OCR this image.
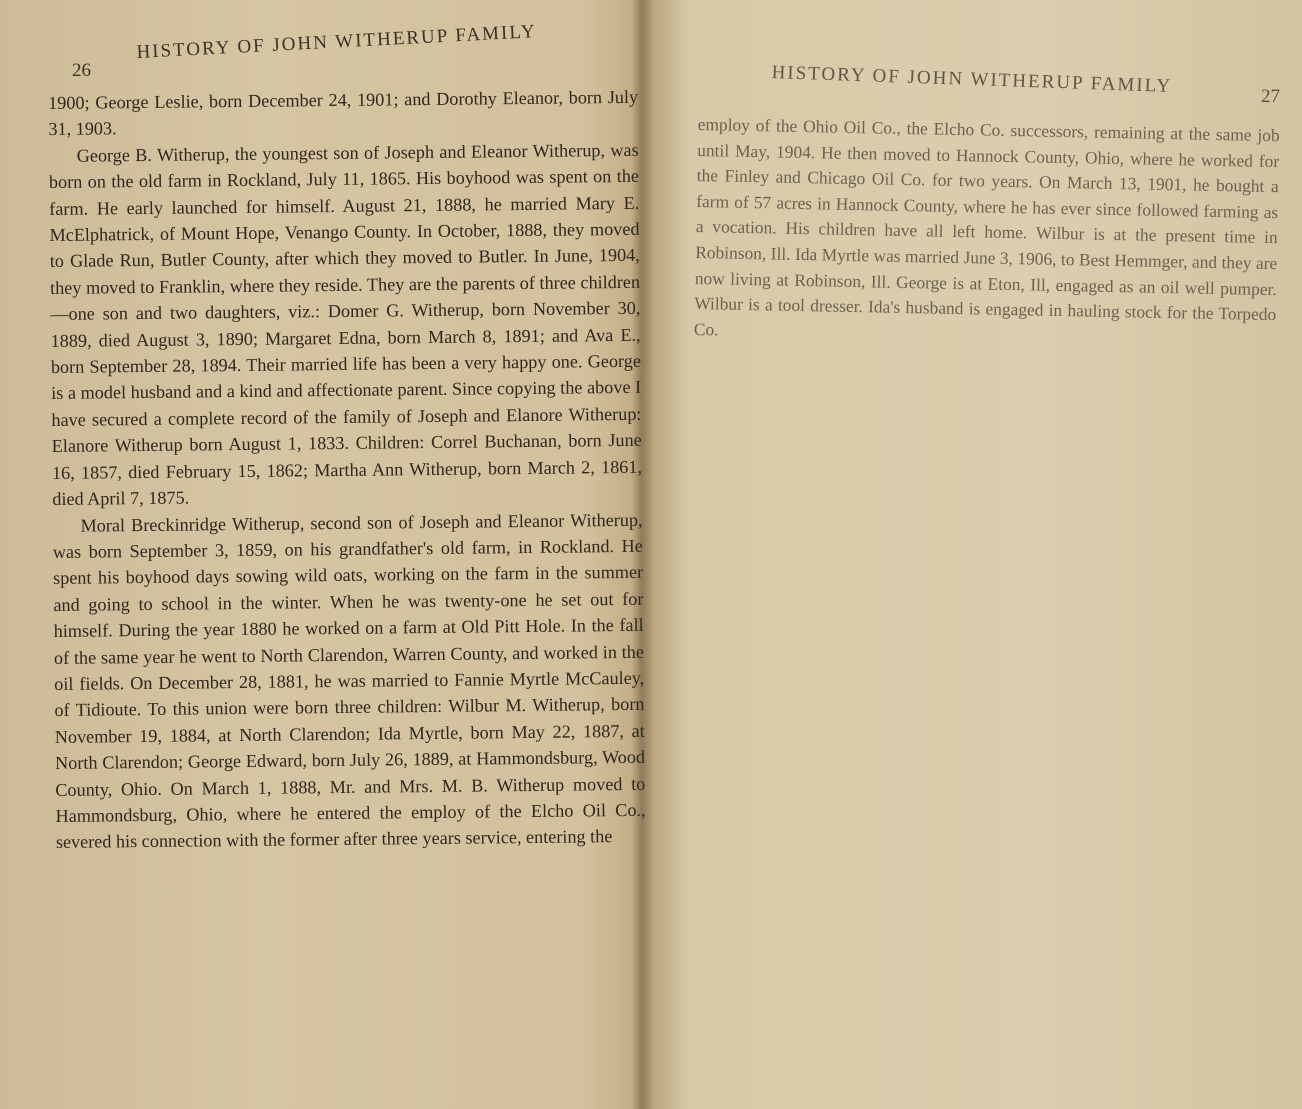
26
HISTORY OF JOHN WITHERUP FAMILY

1900; George Leslie, born December 24, 1901; and Dorothy Eleanor, born July 31, 1903.

George B. Witherup, the youngest son of Joseph and Eleanor Witherup, was born on the old farm in Rockland, July 11, 1865. His boyhood was spent on the farm. He early launched for himself. August 21, 1888, he married Mary E. McElphatrick, of Mount Hope, Venango County. In October, 1888, they moved to Glade Run, Butler County, after which they moved to Butler. In June, 1904, they moved to Franklin, where they reside. They are the parents of three children—one son and two daughters, viz.: Domer G. Witherup, born November 30, 1889, died August 3, 1890; Margaret Edna, born March 8, 1891; and Ava E., born September 28, 1894. Their married life has been a very happy one. George is a model husband and a kind and affectionate parent. Since copying the above I have secured a complete record of the family of Joseph and Elanore Witherup: Elanore Witherup born August 1, 1833. Children: Correl Buchanan, born June 16, 1857, died February 15, 1862; Martha Ann Witherup, born March 2, 1861, died April 7, 1875.

Moral Breckinridge Witherup, second son of Joseph and Eleanor Witherup, was born September 3, 1859, on his grandfather's old farm, in Rockland. He spent his boyhood days sowing wild oats, working on the farm in the summer and going to school in the winter. When he was twenty-one he set out for himself. During the year 1880 he worked on a farm at Old Pitt Hole. In the fall of the same year he went to North Clarendon, Warren County, and worked in the oil fields. On December 28, 1881, he was married to Fannie Myrtle McCauley, of Tidioute. To this union were born three children: Wilbur M. Witherup, born November 19, 1884, at North Clarendon; Ida Myrtle, born May 22, 1887, at North Clarendon; George Edward, born July 26, 1889, at Hammondsburg, Wood County, Ohio. On March 1, 1888, Mr. and Mrs. M. B. Witherup moved to Hammondsburg, Ohio, where he entered the employ of the Elcho Oil Co., severed his connection with the former after three years service, entering the

HISTORY OF JOHN WITHERUP FAMILY	27

employ of the Ohio Oil Co., the Elcho Co. successors, remaining at the same job until May, 1904. He then moved to Hannock County, Ohio, where he worked for the Finley and Chicago Oil Co. for two years. On March 13, 1901, he bought a farm of 57 acres in Hannock County, where he has ever since followed farming as a vocation. His children have all left home. Wilbur is at the present time in Robinson, Ill. Ida Myrtle was married June 3, 1906, to Best Hemmger, and they are now living at Robinson, Ill. George is at Eton, Ill, engaged as an oil well pumper. Wilbur is a tool dresser. Ida's husband is engaged in hauling stock for the Torpedo Co.
